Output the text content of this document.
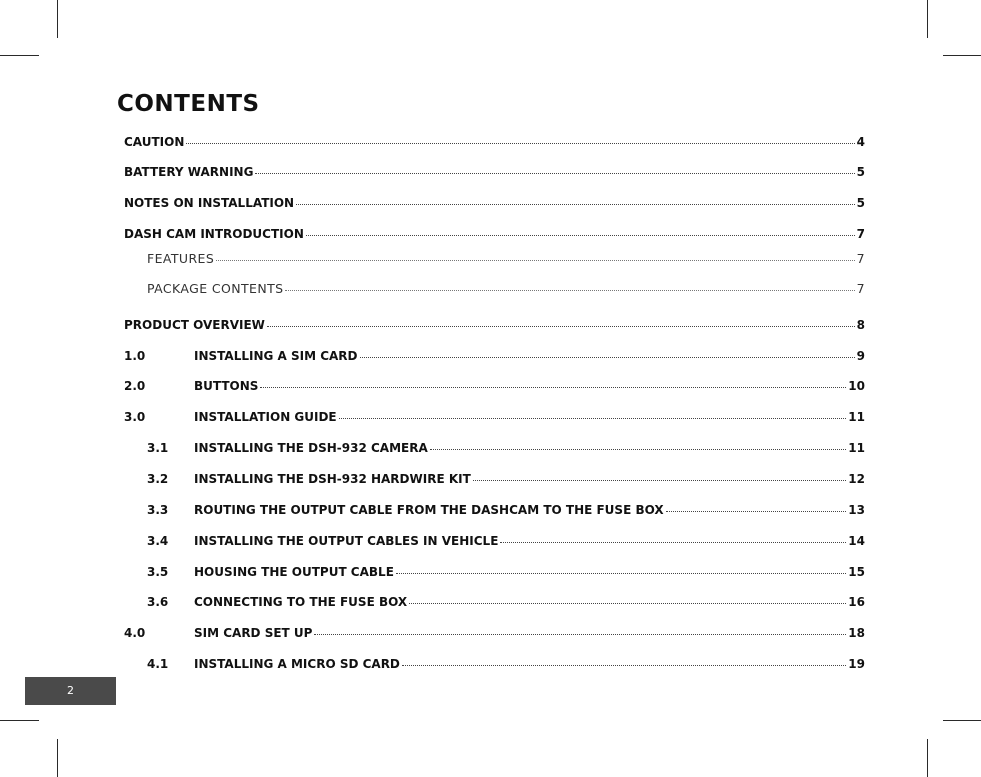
CONTENTS
CAUTION	4
BATTERY WARNING	5
NOTES ON INSTALLATION	5
DASH CAM INTRODUCTION	7
FEATURES	7
PACKAGE CONTENTS	7
PRODUCT OVERVIEW	8
1.0	INSTALLING A SIM CARD	9
2.0	BUTTONS	10
3.0	INSTALLATION GUIDE	11
3.1	INSTALLING THE DSH-932 CAMERA	11
3.2	INSTALLING THE DSH-932 HARDWIRE KIT	12
3.3	ROUTING THE OUTPUT CABLE FROM THE DASHCAM TO THE FUSE BOX	13
3.4	INSTALLING THE OUTPUT CABLES IN VEHICLE	14
3.5	HOUSING THE OUTPUT CABLE	15
3.6	CONNECTING TO THE FUSE BOX	16
4.0	SIM CARD SET UP	18
4.1	INSTALLING A MICRO SD CARD	19
2
